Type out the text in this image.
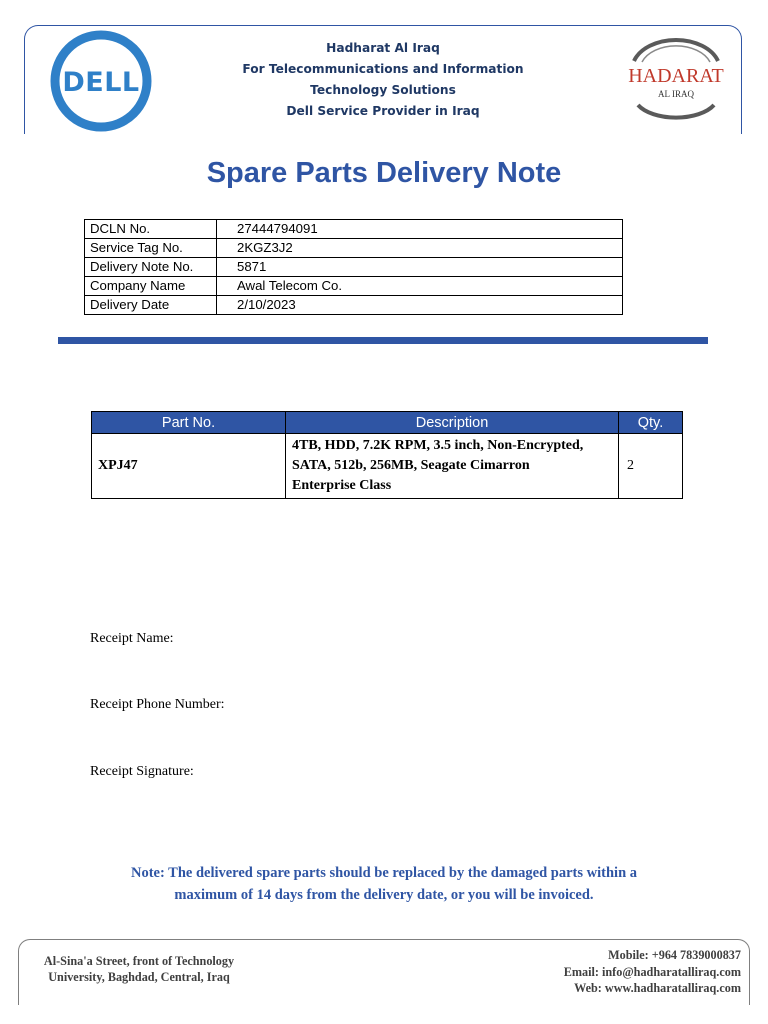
DELL
Hadharat Al Iraq
For Telecommunications and Information
Technology Solutions
Dell Service Provider in Iraq
HADARAT
AL IRAQ
Spare Parts Delivery Note
DCLN No.	27444794091
Service Tag No.	2KGZ3J2
Delivery Note No.	5871
Company Name	Awal Telecom Co.
Delivery Date	2/10/2023
Part No.	Description	Qty.
XPJ47	4TB, HDD, 7.2K RPM, 3.5 inch, Non-Encrypted,
SATA, 512b, 256MB, Seagate Cimarron
Enterprise Class	2
Receipt Name:
Receipt Phone Number:
Receipt Signature:
Note: The delivered spare parts should be replaced by the damaged parts within a
maximum of 14 days from the delivery date, or you will be invoiced.
Al-Sina'a Street, front of Technology
University, Baghdad, Central, Iraq
Mobile: +964 7839000837
Email: info@hadharatalliraq.com
Web: www.hadharatalliraq.com
